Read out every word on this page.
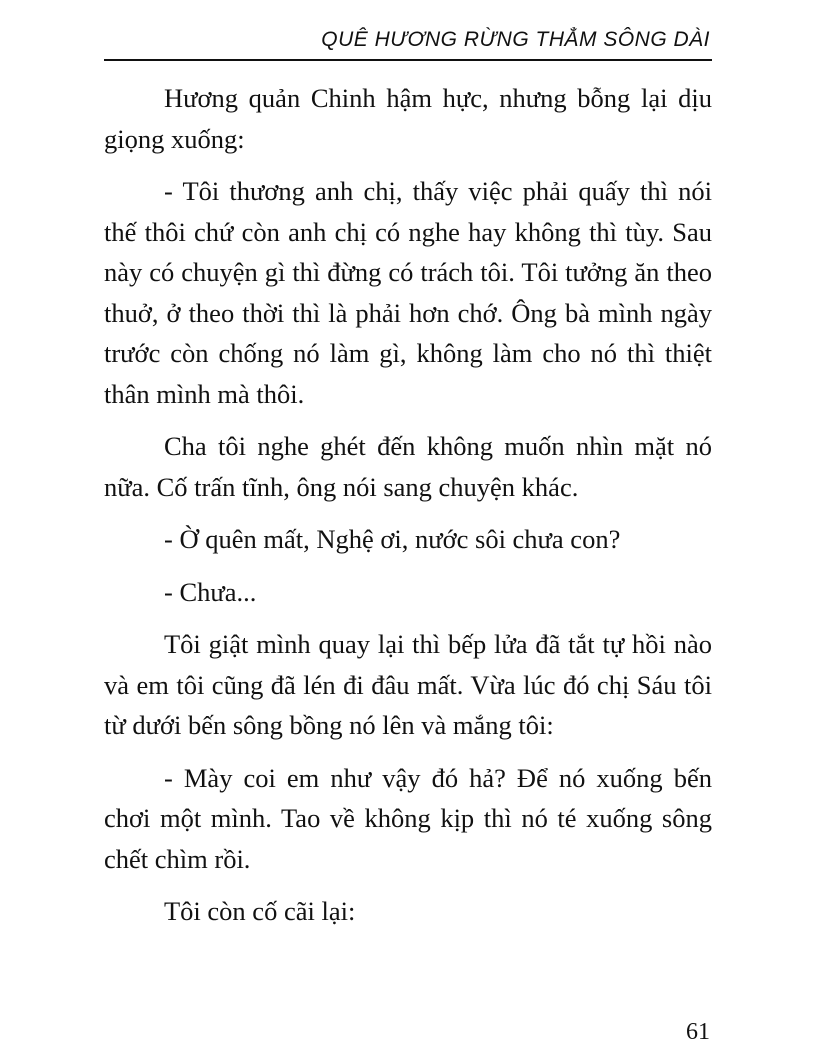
QUÊ HƯƠNG RỪNG THẲM SÔNG DÀI

Hương quản Chinh hậm hực, nhưng bỗng lại dịu giọng xuống:

- Tôi thương anh chị, thấy việc phải quấy thì nói thế thôi chứ còn anh chị có nghe hay không thì tùy. Sau này có chuyện gì thì đừng có trách tôi. Tôi tưởng ăn theo thuở, ở theo thời thì là phải hơn chớ. Ông bà mình ngày trước còn chống nó làm gì, không làm cho nó thì thiệt thân mình mà thôi.

Cha tôi nghe ghét đến không muốn nhìn mặt nó nữa. Cố trấn tĩnh, ông nói sang chuyện khác.

- Ờ quên mất, Nghệ ơi, nước sôi chưa con?

- Chưa...

Tôi giật mình quay lại thì bếp lửa đã tắt tự hồi nào và em tôi cũng đã lén đi đâu mất. Vừa lúc đó chị Sáu tôi từ dưới bến sông bồng nó lên và mắng tôi:

- Mày coi em như vậy đó hả? Để nó xuống bến chơi một mình. Tao về không kịp thì nó té xuống sông chết chìm rồi.

Tôi còn cố cãi lại:

61
